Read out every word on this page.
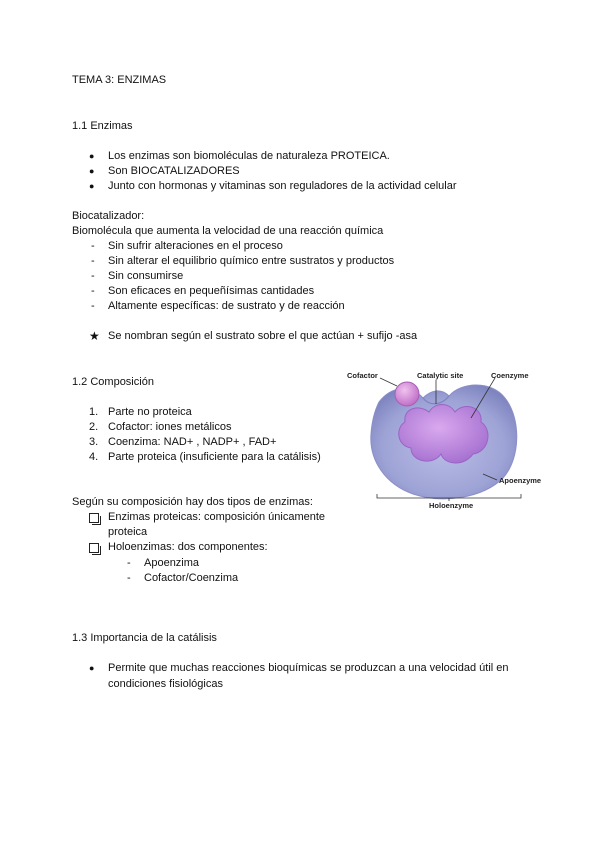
TEMA 3: ENZIMAS
1.1 Enzimas
● Los enzimas son biomoléculas de naturaleza PROTEICA.
● Son BIOCATALIZADORES
● Junto con hormonas y vitaminas son reguladores de la actividad celular
Biocatalizador:
Biomolécula que aumenta la velocidad de una reacción química
- Sin sufrir alteraciones en el proceso
- Sin alterar el equilibrio químico entre sustratos y productos
- Sin consumirse
- Son eficaces en pequeñísimas cantidades
- Altamente específicas: de sustrato y de reacción
★ Se nombran según el sustrato sobre el que actúan + sufijo -asa
1.2 Composición
1. Parte no proteica
2. Cofactor: iones metálicos
3. Coenzima: NAD+ , NADP+ , FAD+
4. Parte proteica (insuficiente para la catálisis)
Según su composición hay dos tipos de enzimas:
Enzimas proteicas: composición únicamente
proteica
Holoenzimas: dos componentes:
- Apoenzima
- Cofactor/Coenzima
Cofactor	Catalytic site	Coenzyme
Apoenzyme
Holoenzyme
1.3 Importancia de la catálisis
● Permite que muchas reacciones bioquímicas se produzcan a una velocidad útil en
condiciones fisiológicas
